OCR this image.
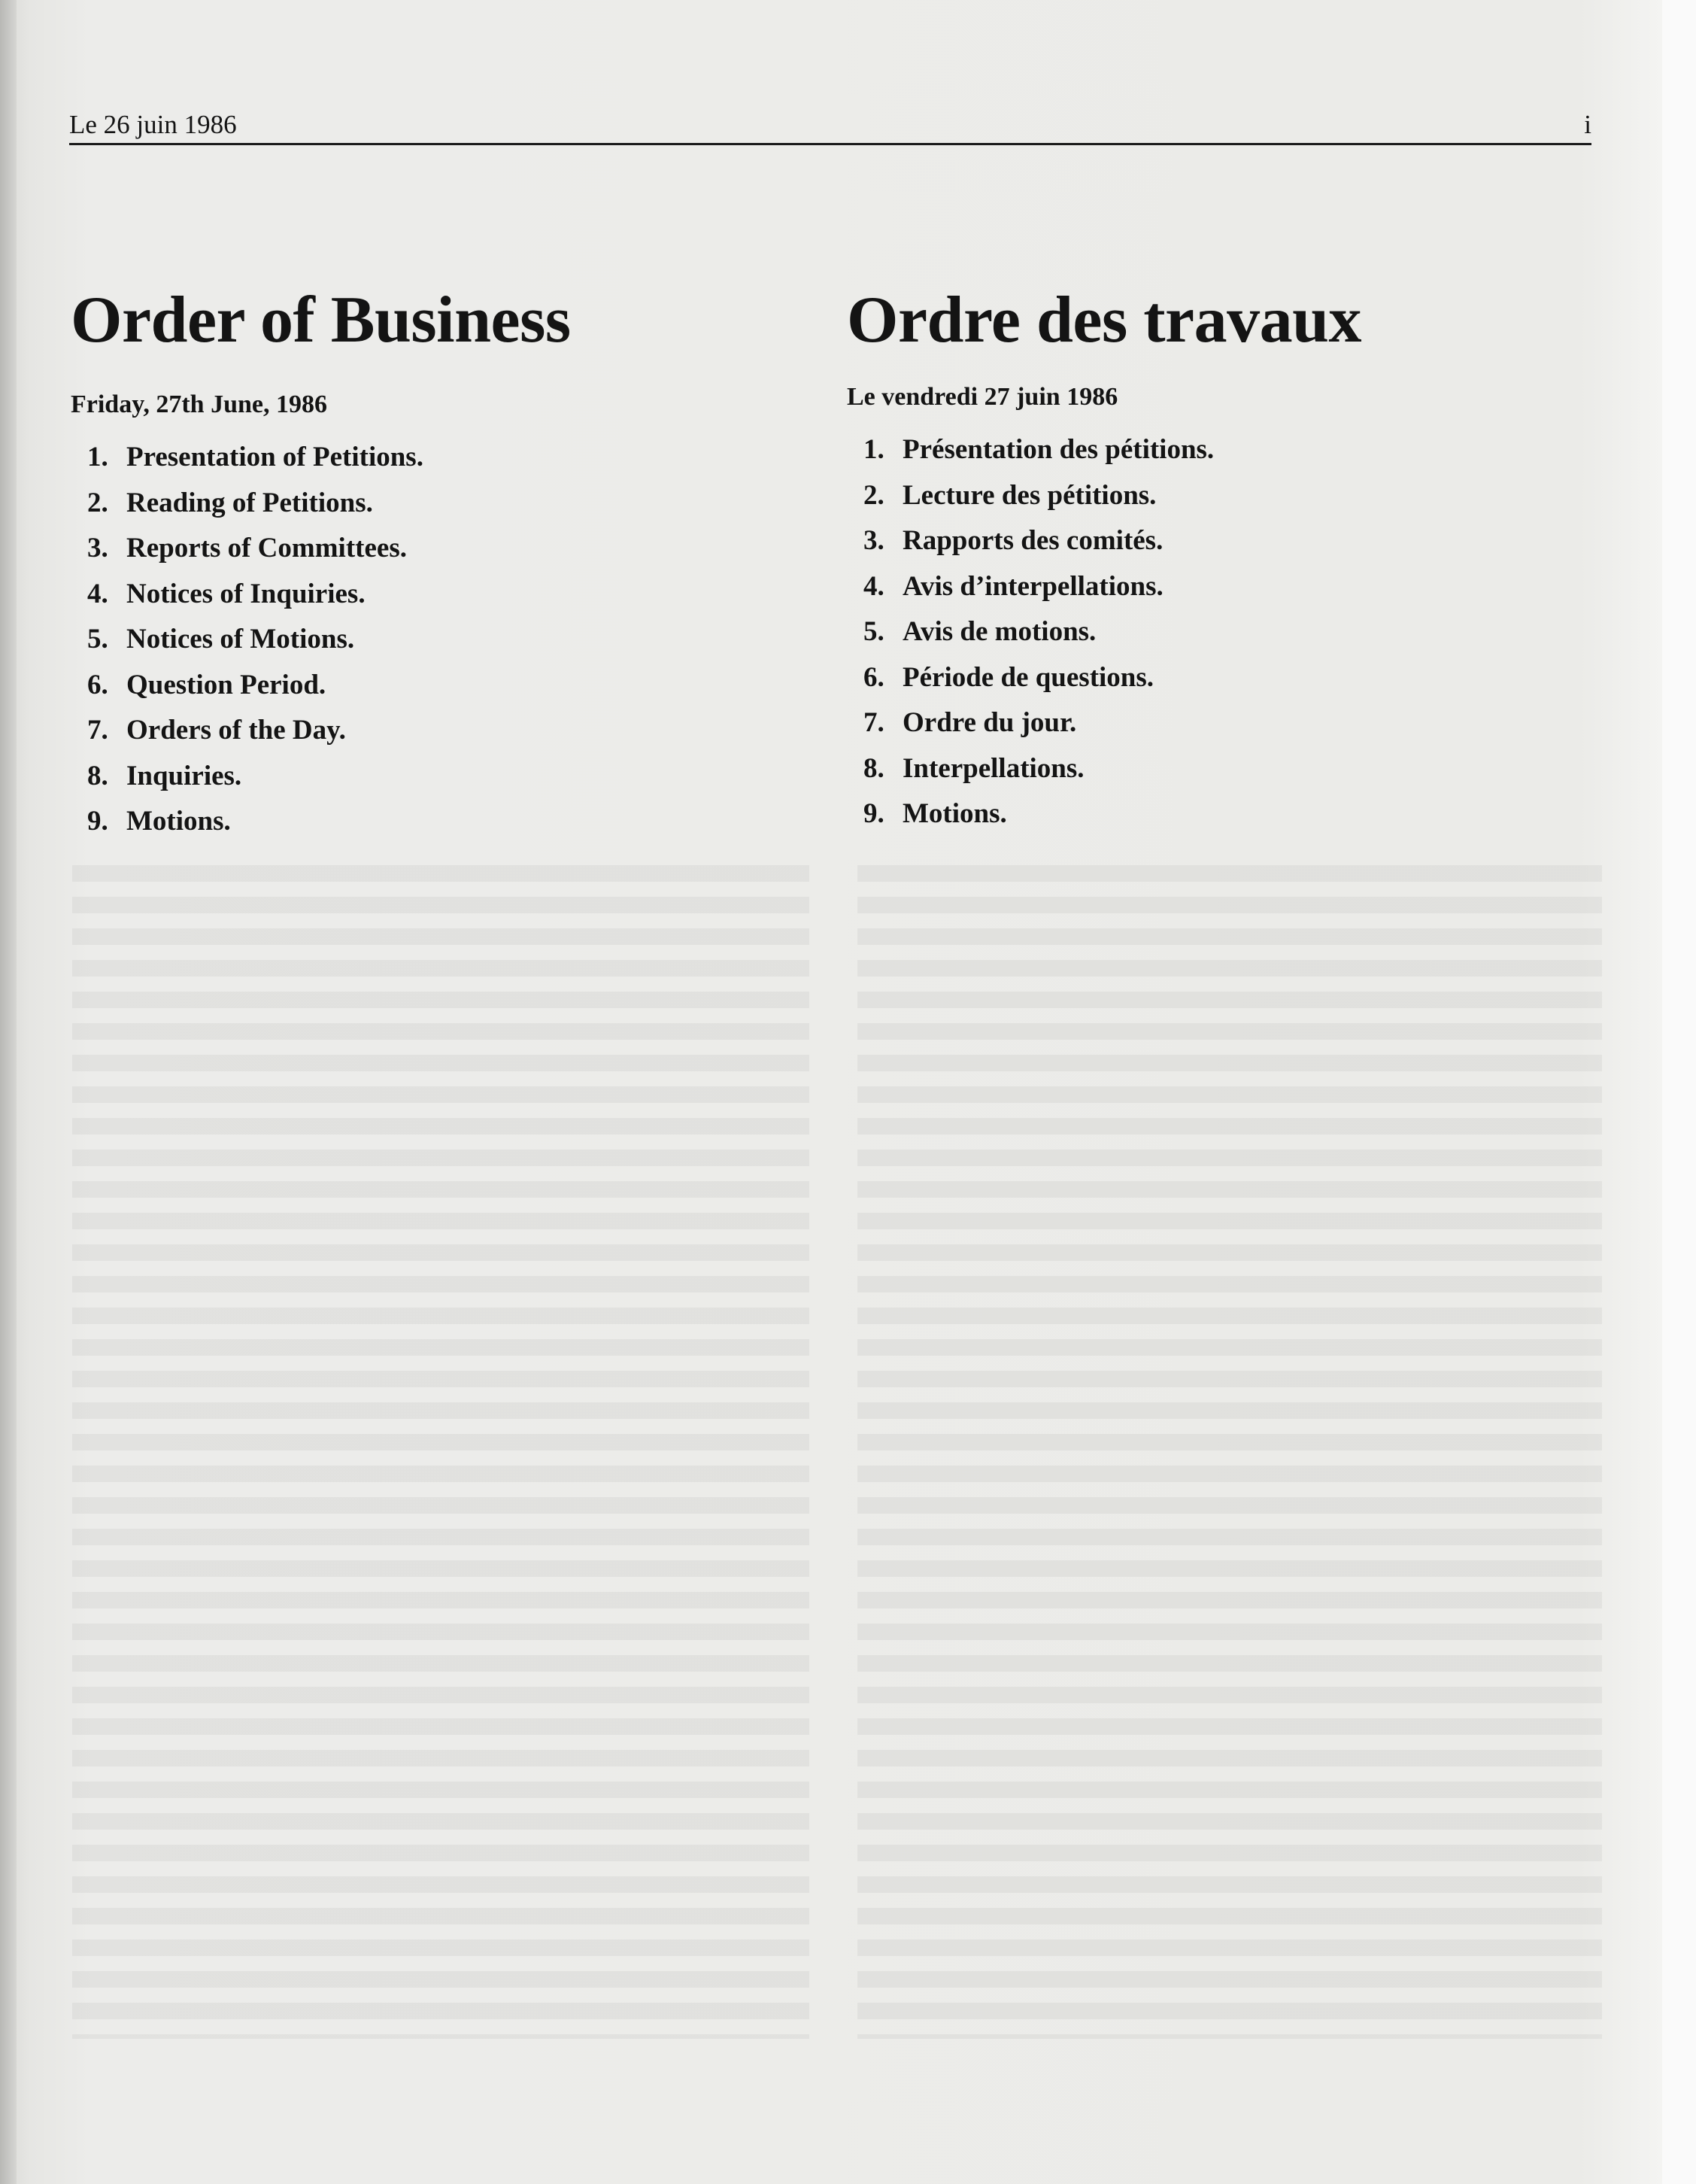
Le 26 juin 1986	i
Order of Business
Friday, 27th June, 1986
1. Presentation of Petitions.
2. Reading of Petitions.
3. Reports of Committees.
4. Notices of Inquiries.
5. Notices of Motions.
6. Question Period.
7. Orders of the Day.
8. Inquiries.
9. Motions.
Ordre des travaux
Le vendredi 27 juin 1986
1. Présentation des pétitions.
2. Lecture des pétitions.
3. Rapports des comités.
4. Avis d’interpellations.
5. Avis de motions.
6. Période de questions.
7. Ordre du jour.
8. Interpellations.
9. Motions.
